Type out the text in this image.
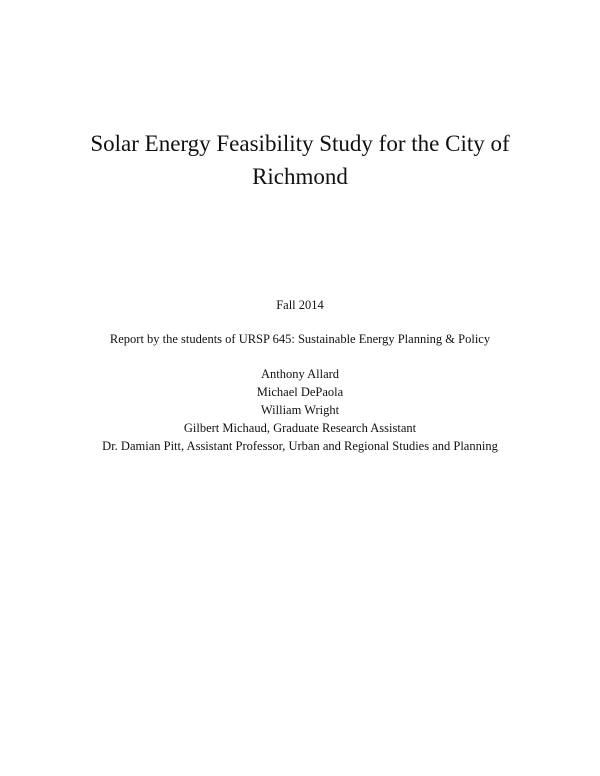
Solar Energy Feasibility Study for the City of
Richmond
Fall 2014
Report by the students of URSP 645: Sustainable Energy Planning & Policy
Anthony Allard
Michael DePaola
William Wright
Gilbert Michaud, Graduate Research Assistant
Dr. Damian Pitt, Assistant Professor, Urban and Regional Studies and Planning
